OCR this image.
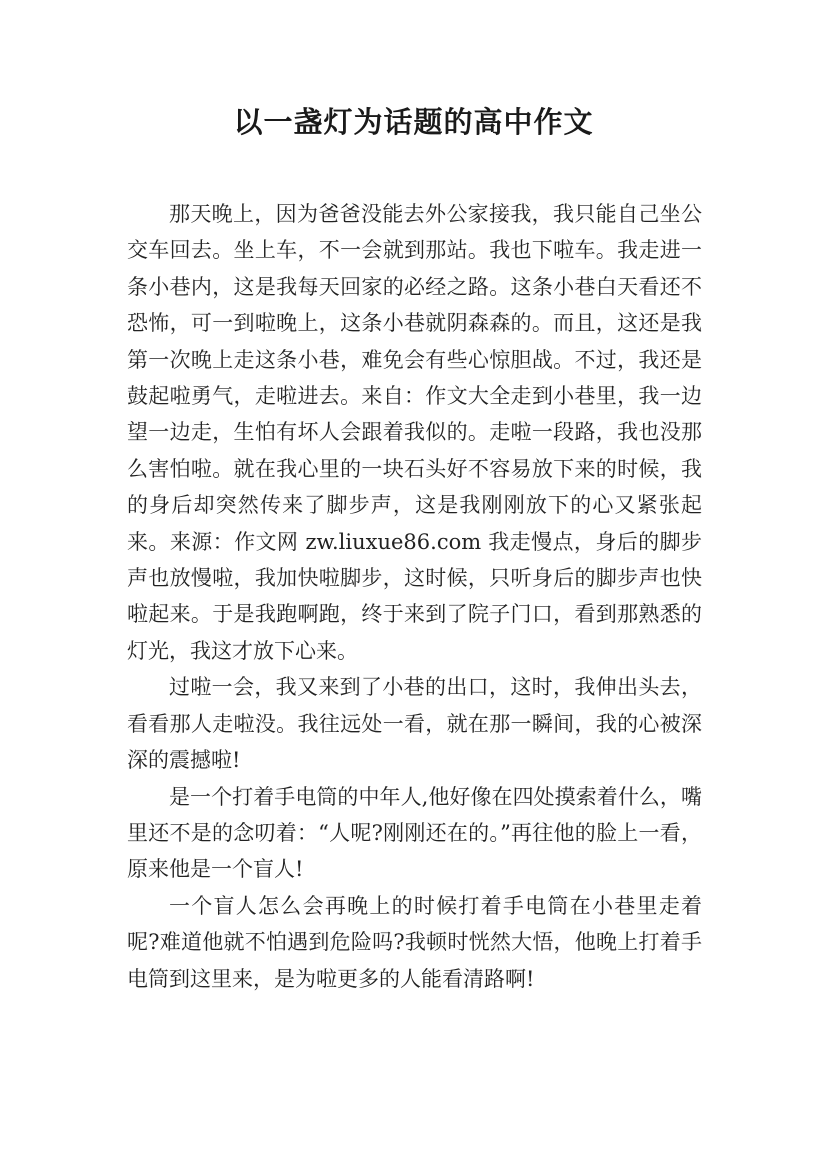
以一盏灯为话题的高中作文

那天晚上，因为爸爸没能去外公家接我，我只能自己坐公交车回去。坐上车，不一会就到那站。我也下啦车。我走进一条小巷内，这是我每天回家的必经之路。这条小巷白天看还不恐怖，可一到啦晚上，这条小巷就阴森森的。而且，这还是我第一次晚上走这条小巷，难免会有些心惊胆战。不过，我还是鼓起啦勇气，走啦进去。来自：作文大全走到小巷里，我一边望一边走，生怕有坏人会跟着我似的。走啦一段路，我也没那么害怕啦。就在我心里的一块石头好不容易放下来的时候，我的身后却突然传来了脚步声，这是我刚刚放下的心又紧张起来。来源：作文网 zw.liuxue86.com 我走慢点，身后的脚步声也放慢啦，我加快啦脚步，这时候，只听身后的脚步声也快啦起来。于是我跑啊跑，终于来到了院子门口，看到那熟悉的灯光，我这才放下心来。

过啦一会，我又来到了小巷的出口，这时，我伸出头去，看看那人走啦没。我往远处一看，就在那一瞬间，我的心被深深的震撼啦!

是一个打着手电筒的中年人,他好像在四处摸索着什么，嘴里还不是的念叨着：“人呢?刚刚还在的。”再往他的脸上一看，原来他是一个盲人!

一个盲人怎么会再晚上的时候打着手电筒在小巷里走着呢?难道他就不怕遇到危险吗?我顿时恍然大悟，他晚上打着手电筒到这里来，是为啦更多的人能看清路啊!
